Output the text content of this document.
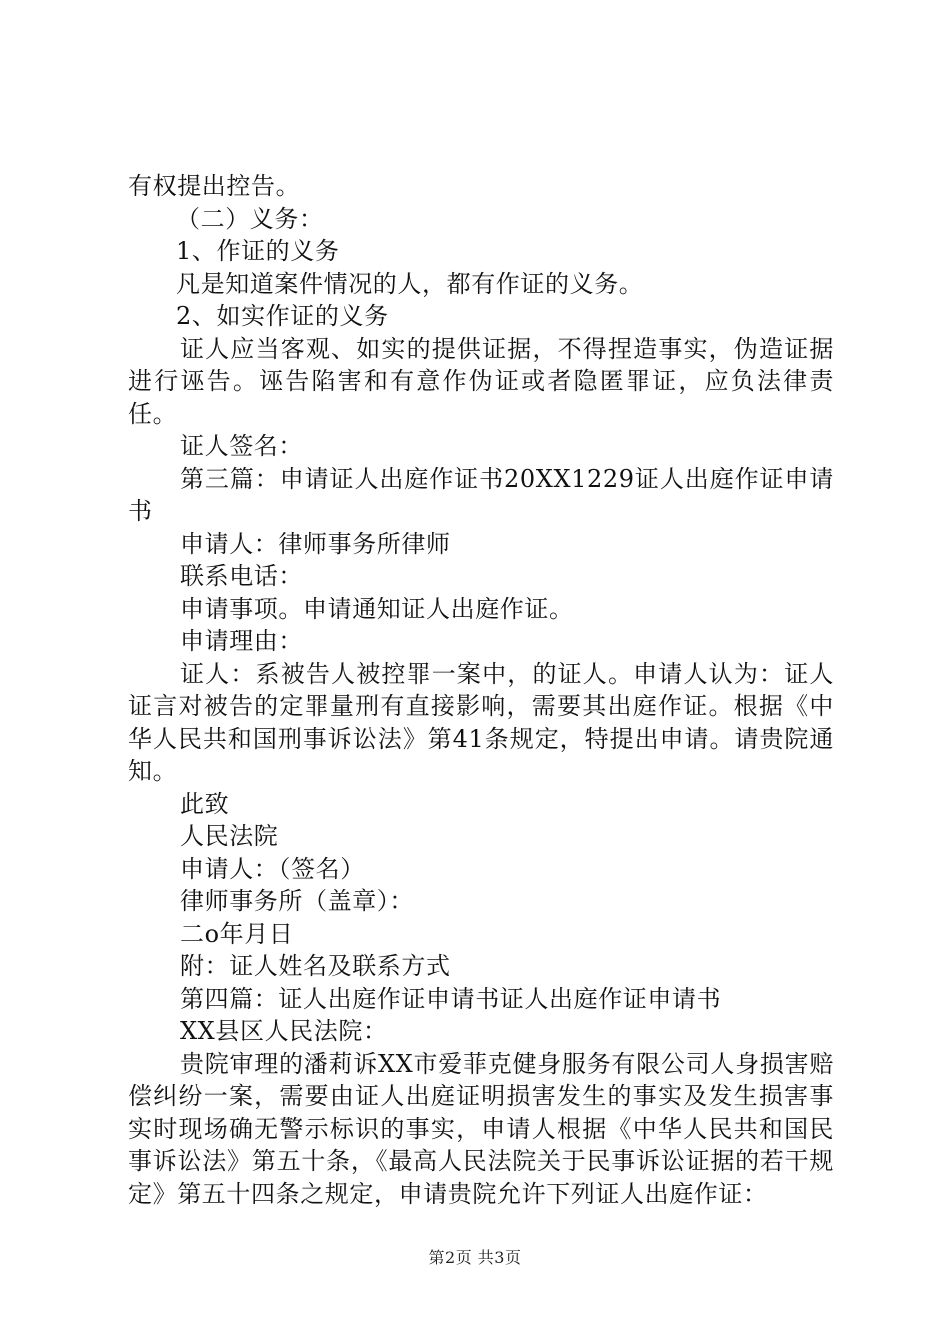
有权提出控告。
（二）义务：
1、作证的义务
凡是知道案件情况的人，都有作证的义务。
2、如实作证的义务
证人应当客观、如实的提供证据，不得捏造事实，伪造证据进行诬告。诬告陷害和有意作伪证或者隐匿罪证，应负法律责任。
证人签名：
第三篇：申请证人出庭作证书20XX1229证人出庭作证申请书
申请人：律师事务所律师
联系电话：
申请事项。申请通知证人出庭作证。
申请理由：
证人：系被告人被控罪一案中，的证人。申请人认为：证人证言对被告的定罪量刑有直接影响，需要其出庭作证。根据《中华人民共和国刑事诉讼法》第41条规定，特提出申请。请贵院通知。
此致
人民法院
申请人：（签名）
律师事务所（盖章）：
二o年月日
附：证人姓名及联系方式
第四篇：证人出庭作证申请书证人出庭作证申请书
XX县区人民法院：
贵院审理的潘莉诉XX市爱菲克健身服务有限公司人身损害赔偿纠纷一案，需要由证人出庭证明损害发生的事实及发生损害事实时现场确无警示标识的事实，申请人根据《中华人民共和国民事诉讼法》第五十条，《最高人民法院关于民事诉讼证据的若干规定》第五十四条之规定，申请贵院允许下列证人出庭作证：
第2页 共3页
